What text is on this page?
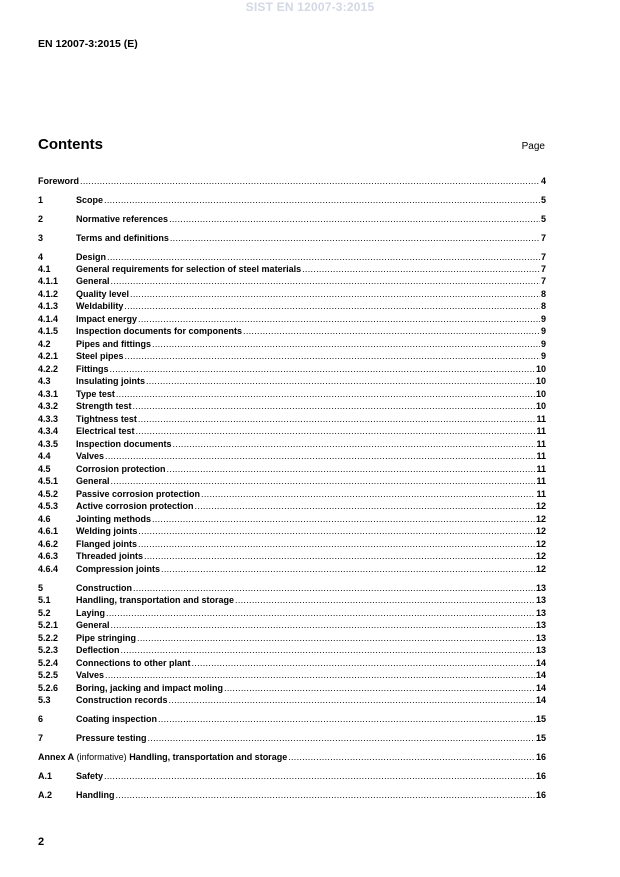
SIST EN 12007-3:2015
EN 12007-3:2015 (E)
Contents	Page
Foreword .....	4
1	Scope .....	5
2	Normative references .....	5
3	Terms and definitions .....	7
4	Design .....	7
4.1	General requirements for selection of steel materials .....	7
4.1.1	General .....	7
4.1.2	Quality level .....	8
4.1.3	Weldability .....	8
4.1.4	Impact energy .....	9
4.1.5	Inspection documents for components .....	9
4.2	Pipes and fittings .....	9
4.2.1	Steel pipes .....	9
4.2.2	Fittings .....	10
4.3	Insulating joints .....	10
4.3.1	Type test .....	10
4.3.2	Strength test .....	10
4.3.3	Tightness test .....	11
4.3.4	Electrical test .....	11
4.3.5	Inspection documents .....	11
4.4	Valves .....	11
4.5	Corrosion protection .....	11
4.5.1	General .....	11
4.5.2	Passive corrosion protection .....	11
4.5.3	Active corrosion protection .....	12
4.6	Jointing methods .....	12
4.6.1	Welding joints .....	12
4.6.2	Flanged joints .....	12
4.6.3	Threaded joints .....	12
4.6.4	Compression joints .....	12
5	Construction .....	13
5.1	Handling, transportation and storage .....	13
5.2	Laying .....	13
5.2.1	General .....	13
5.2.2	Pipe stringing .....	13
5.2.3	Deflection .....	13
5.2.4	Connections to other plant .....	14
5.2.5	Valves .....	14
5.2.6	Boring, jacking and impact moling .....	14
5.3	Construction records .....	14
6	Coating inspection .....	15
7	Pressure testing .....	15
Annex A (informative) Handling, transportation and storage .....	16
A.1	Safety .....	16
A.2	Handling .....	16
2
